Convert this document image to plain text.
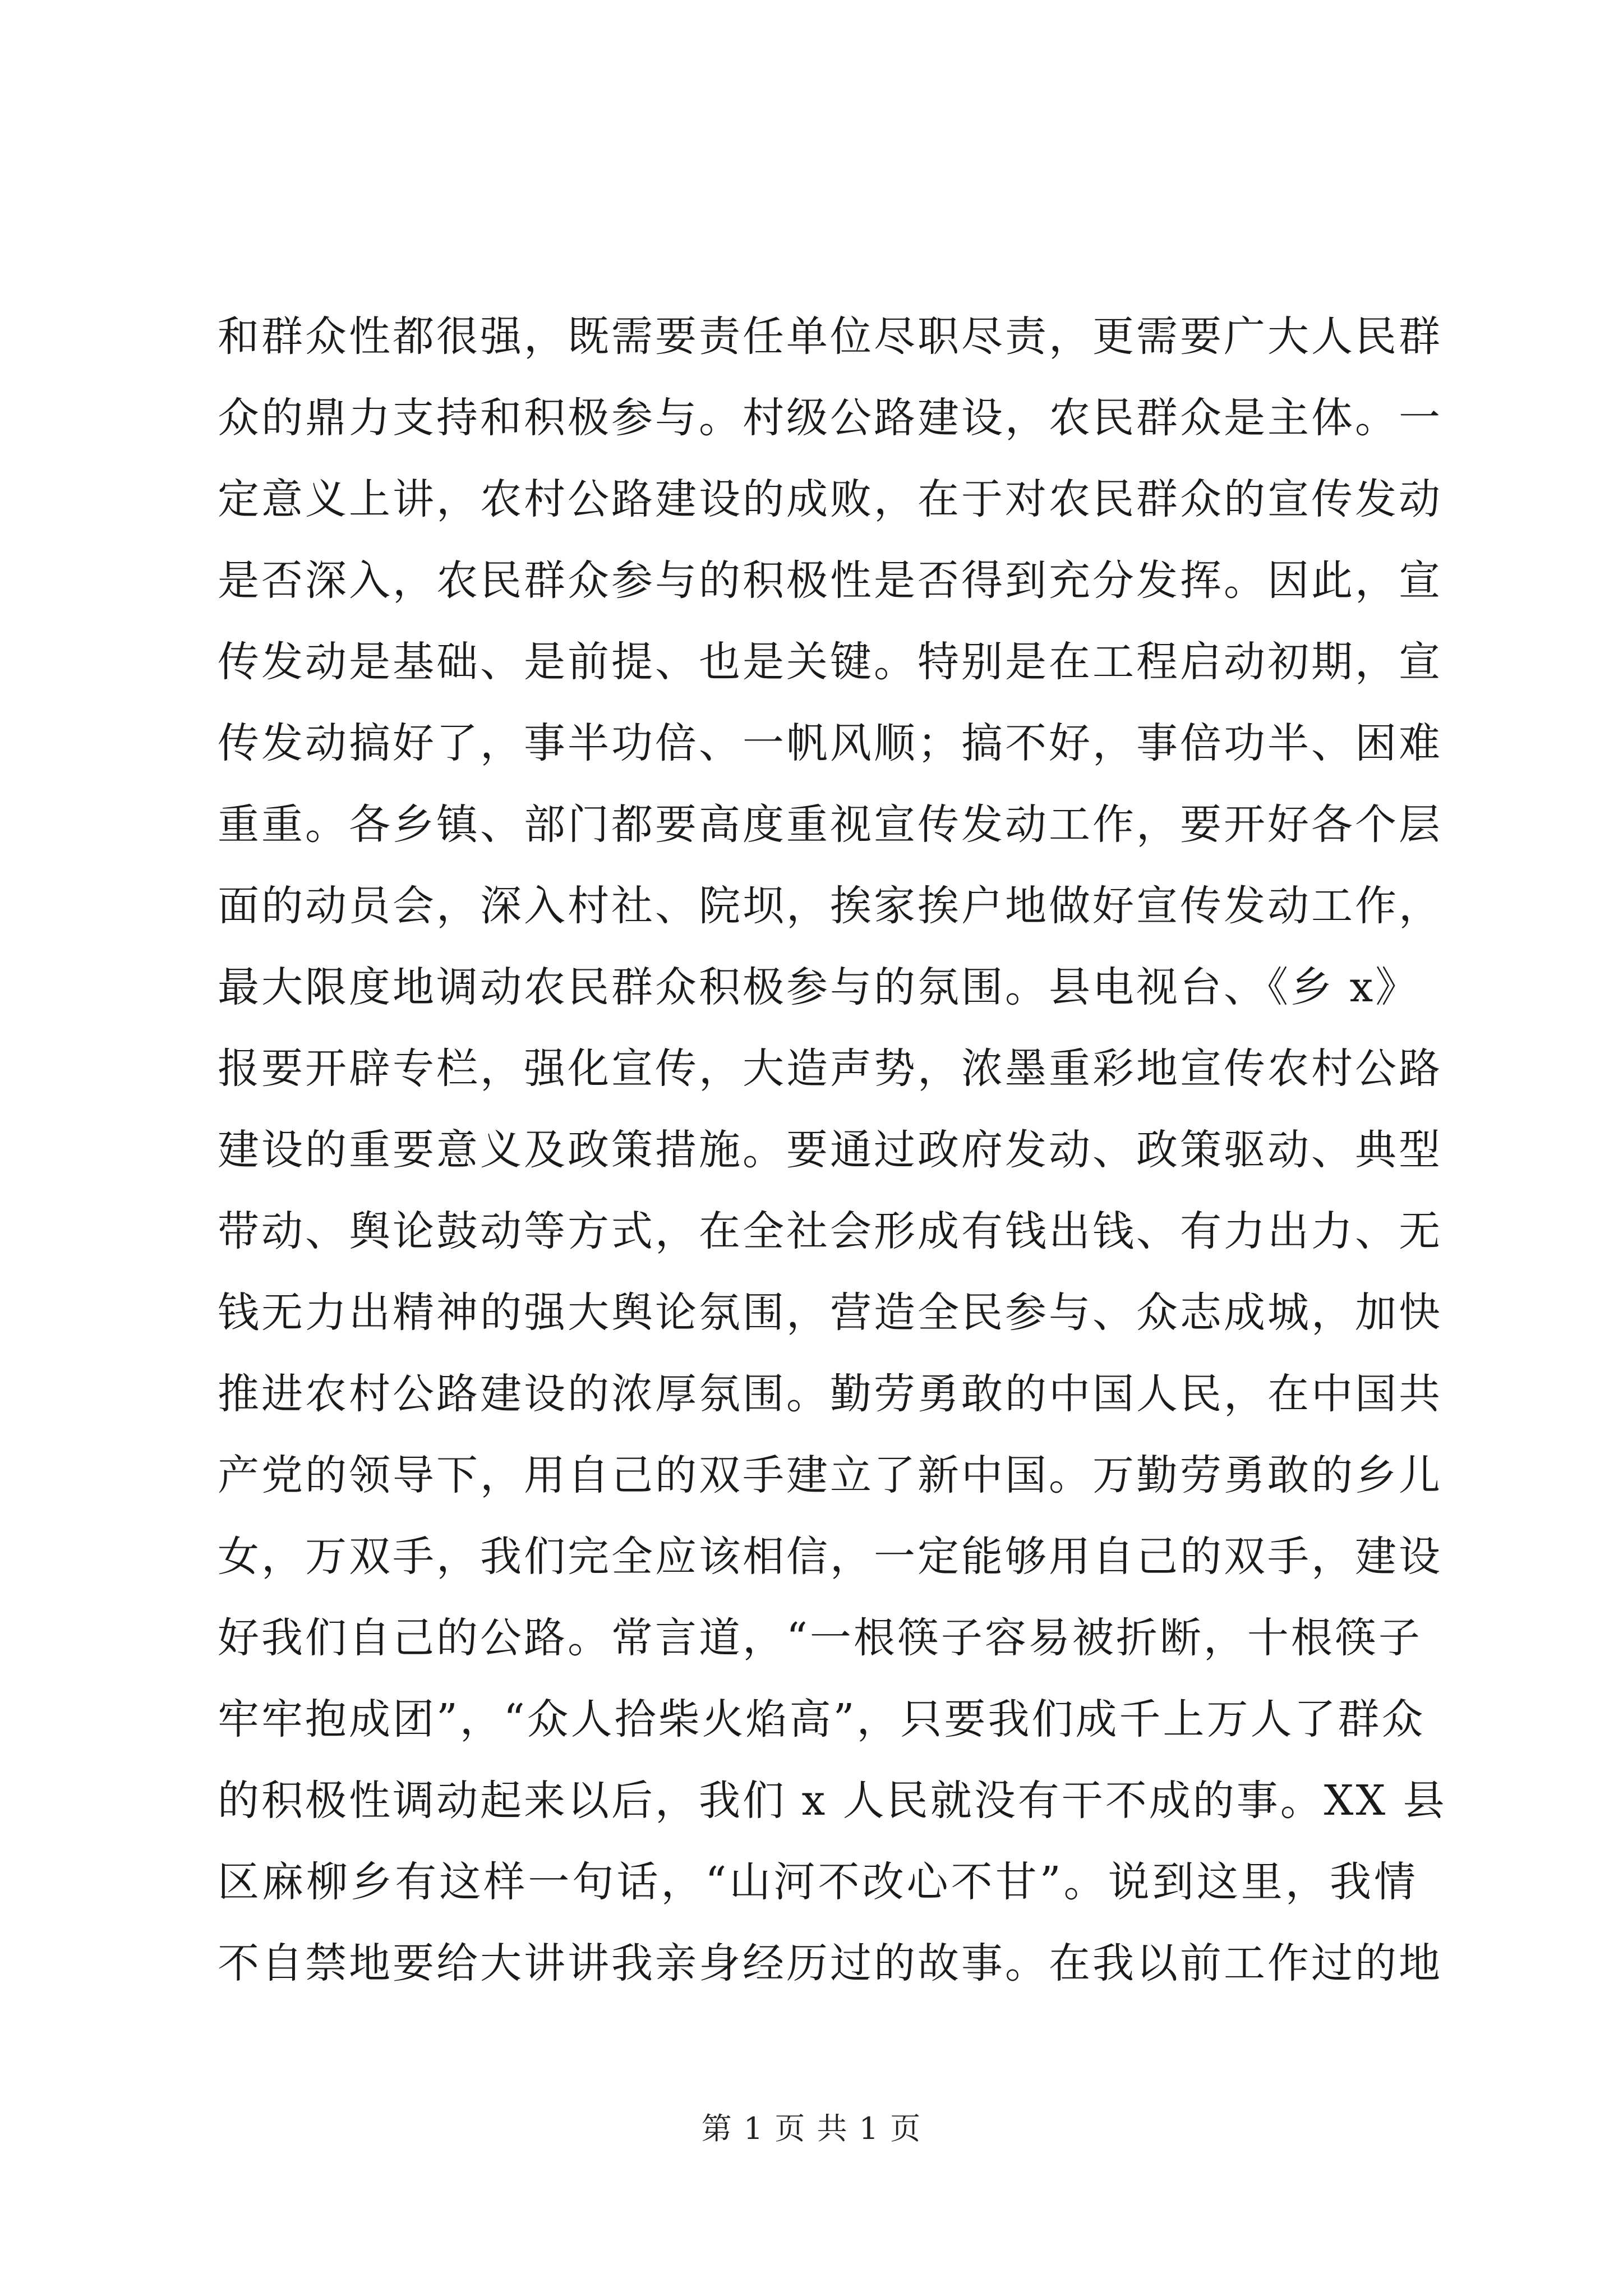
和群众性都很强，既需要责任单位尽职尽责，更需要广大人民群
众的鼎力支持和积极参与。村级公路建设，农民群众是主体。一
定意义上讲，农村公路建设的成败，在于对农民群众的宣传发动
是否深入，农民群众参与的积极性是否得到充分发挥。因此，宣
传发动是基础、是前提、也是关键。特别是在工程启动初期，宣
传发动搞好了，事半功倍、一帆风顺；搞不好，事倍功半、困难
重重。各乡镇、部门都要高度重视宣传发动工作，要开好各个层
面的动员会，深入村社、院坝，挨家挨户地做好宣传发动工作，
最大限度地调动农民群众积极参与的氛围。县电视台、《乡 x》
报要开辟专栏，强化宣传，大造声势，浓墨重彩地宣传农村公路
建设的重要意义及政策措施。要通过政府发动、政策驱动、典型
带动、舆论鼓动等方式，在全社会形成有钱出钱、有力出力、无
钱无力出精神的强大舆论氛围，营造全民参与、众志成城，加快
推进农村公路建设的浓厚氛围。勤劳勇敢的中国人民，在中国共
产党的领导下，用自己的双手建立了新中国。万勤劳勇敢的乡儿
女，万双手，我们完全应该相信，一定能够用自己的双手，建设
好我们自己的公路。常言道，“一根筷子容易被折断，十根筷子
牢牢抱成团”，“众人拾柴火焰高”，只要我们成千上万人了群众
的积极性调动起来以后，我们 x 人民就没有干不成的事。XX 县
区麻柳乡有这样一句话，“山河不改心不甘”。说到这里，我情
不自禁地要给大讲讲我亲身经历过的故事。在我以前工作过的地
第 1 页 共 1 页
